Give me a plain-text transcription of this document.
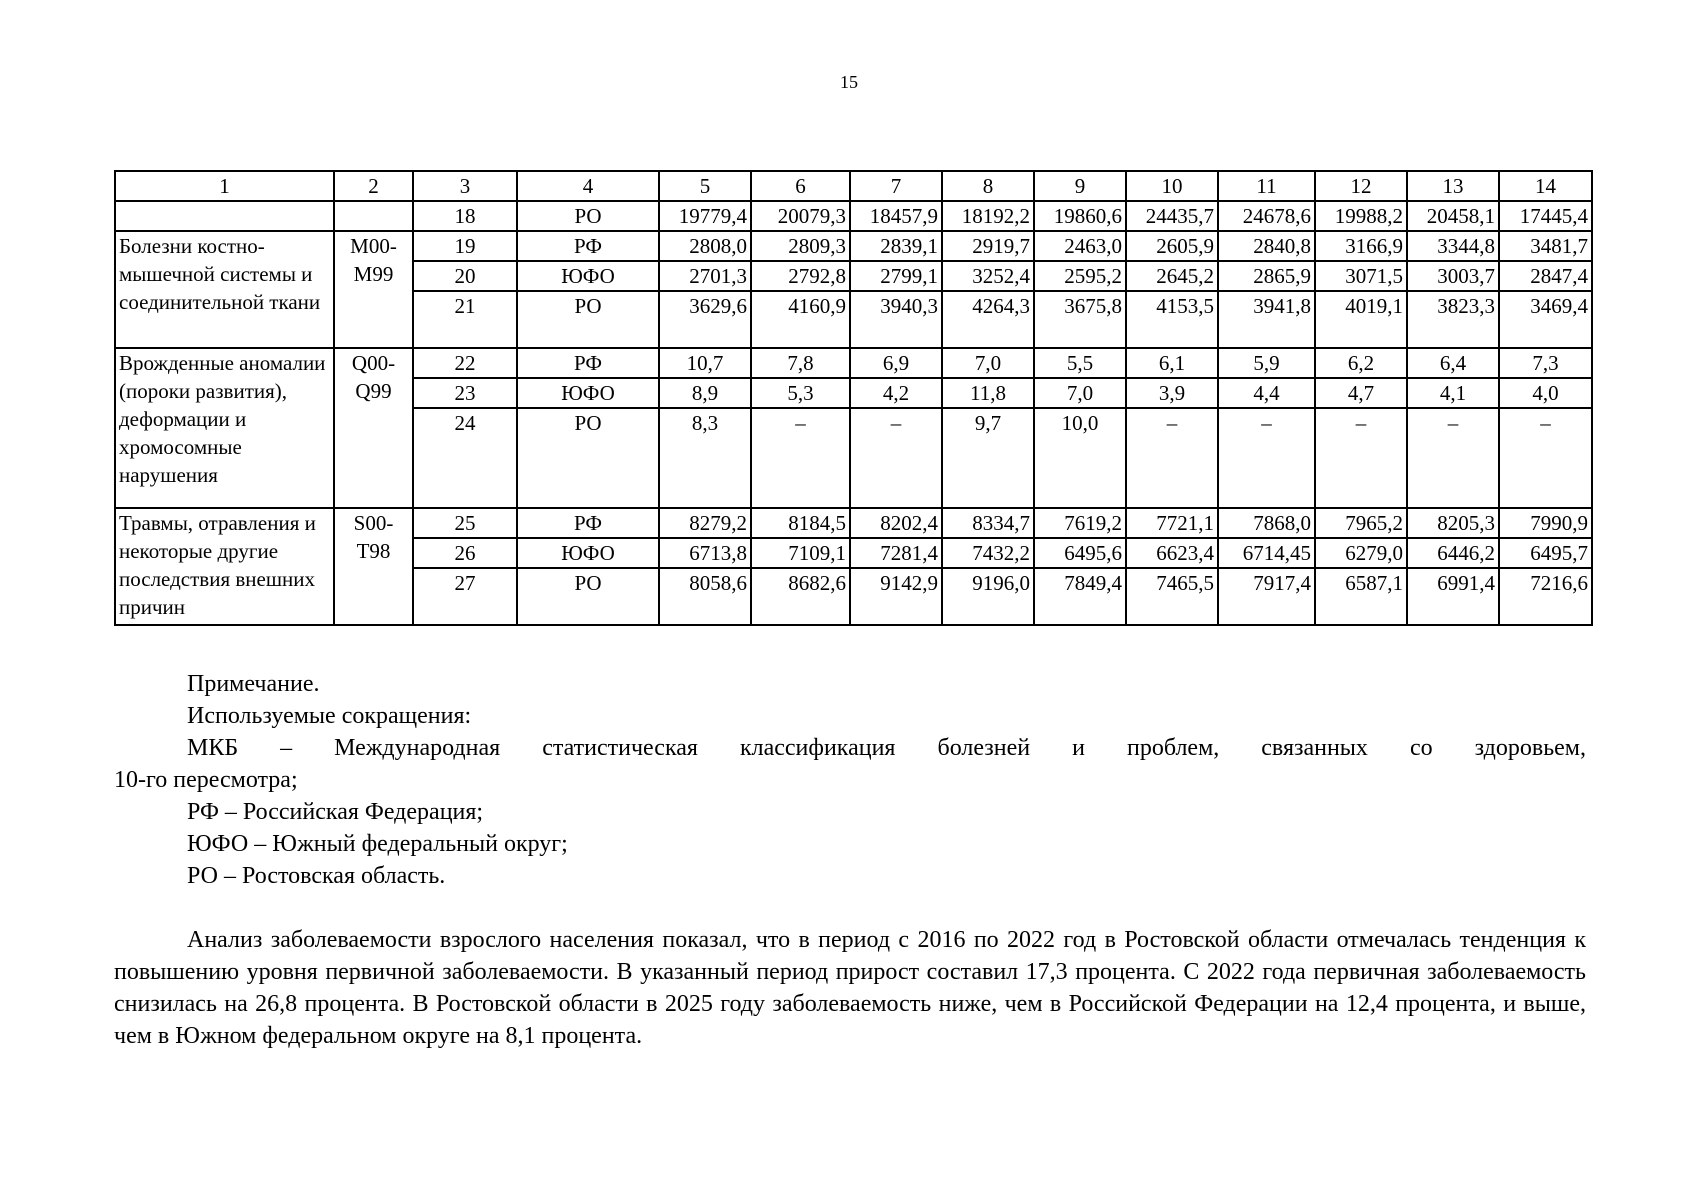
15
1	2	3	4	5	6	7	8	9	10	11	12	13	14
		18	РО	19779,4	20079,3	18457,9	18192,2	19860,6	24435,7	24678,6	19988,2	20458,1	17445,4
Болезни костно-мышечной системы и соединительной ткани	M00-M99	19	РФ	2808,0	2809,3	2839,1	2919,7	2463,0	2605,9	2840,8	3166,9	3344,8	3481,7
		20	ЮФО	2701,3	2792,8	2799,1	3252,4	2595,2	2645,2	2865,9	3071,5	3003,7	2847,4
		21	РО	3629,6	4160,9	3940,3	4264,3	3675,8	4153,5	3941,8	4019,1	3823,3	3469,4
Врожденные аномалии (пороки развития), деформации и хромосомные нарушения	Q00-Q99	22	РФ	10,7	7,8	6,9	7,0	5,5	6,1	5,9	6,2	6,4	7,3
		23	ЮФО	8,9	5,3	4,2	11,8	7,0	3,9	4,4	4,7	4,1	4,0
		24	РО	8,3	–	–	9,7	10,0	–	–	–	–	–
Травмы, отравления и некоторые другие последствия внешних причин	S00-T98	25	РФ	8279,2	8184,5	8202,4	8334,7	7619,2	7721,1	7868,0	7965,2	8205,3	7990,9
		26	ЮФО	6713,8	7109,1	7281,4	7432,2	6495,6	6623,4	6714,45	6279,0	6446,2	6495,7
		27	РО	8058,6	8682,6	9142,9	9196,0	7849,4	7465,5	7917,4	6587,1	6991,4	7216,6

Примечание.

Используемые сокращения:

МКБ – Международная статистическая классификация болезней и проблем, связанных со здоровьем,

10-го пересмотра;

РФ – Российская Федерация;

ЮФО – Южный федеральный округ;

РО – Ростовская область.

Анализ заболеваемости взрослого населения показал, что в период с 2016 по 2022 год в Ростовской области отмечалась тенденция к повышению уровня первичной заболеваемости. В указанный период прирост составил 17,3 процента. С 2022 года первичная заболеваемость снизилась на 26,8 процента. В Ростовской области в 2025 году заболеваемость ниже, чем в Российской Федерации на 12,4 процента, и выше, чем в Южном федеральном округе на 8,1 процента.
